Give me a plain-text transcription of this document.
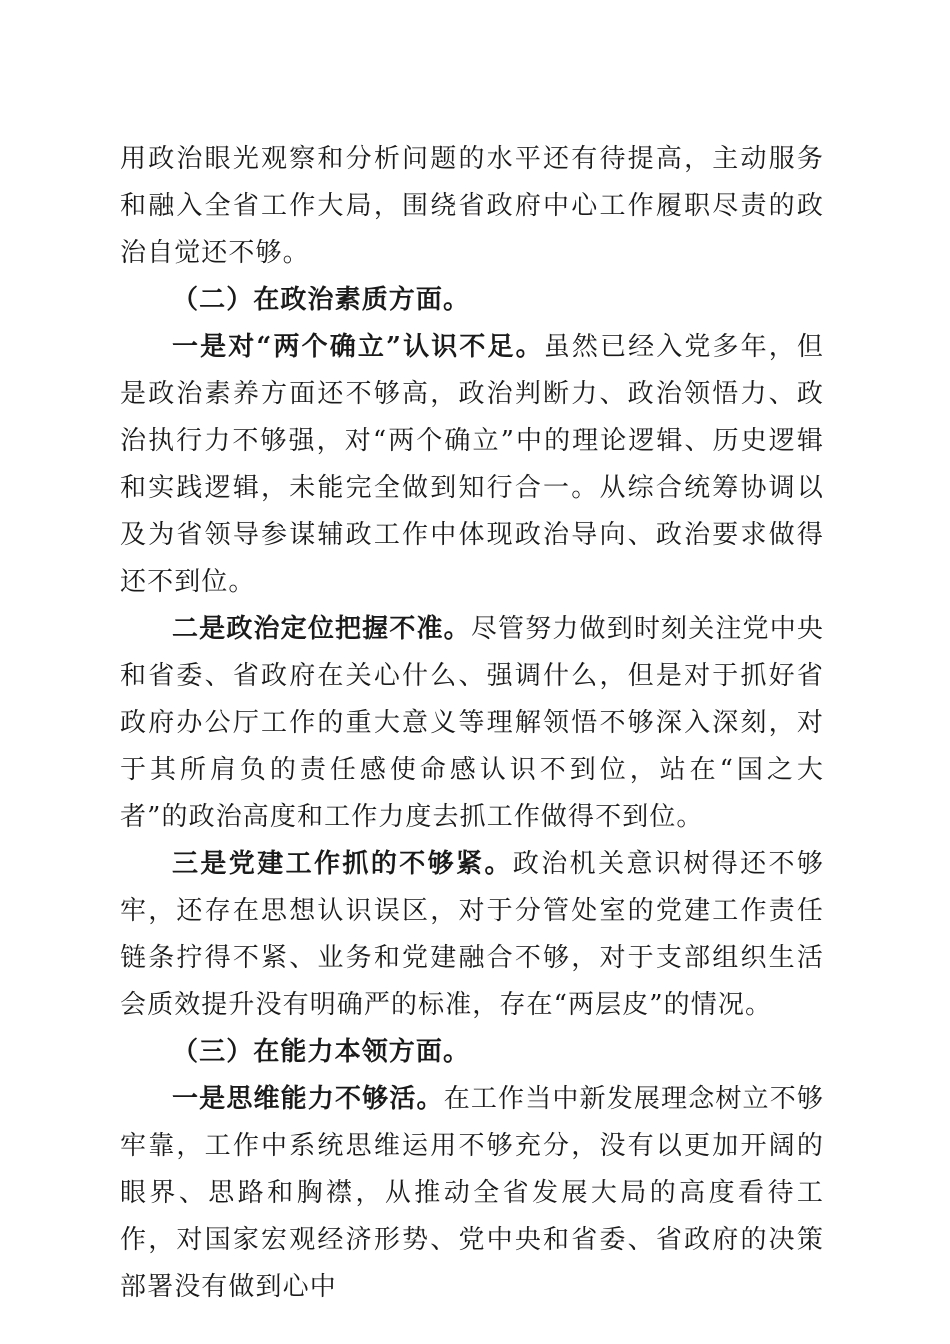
用政治眼光观察和分析问题的水平还有待提高，主动服务和融入全省工作大局，围绕省政府中心工作履职尽责的政治自觉还不够。

（二）在政治素质方面。

一是对“两个确立”认识不足。虽然已经入党多年，但是政治素养方面还不够高，政治判断力、政治领悟力、政治执行力不够强，对“两个确立”中的理论逻辑、历史逻辑和实践逻辑，未能完全做到知行合一。从综合统筹协调以及为省领导参谋辅政工作中体现政治导向、政治要求做得还不到位。

二是政治定位把握不准。尽管努力做到时刻关注党中央和省委、省政府在关心什么、强调什么，但是对于抓好省政府办公厅工作的重大意义等理解领悟不够深入深刻，对于其所肩负的责任感使命感认识不到位，站在“国之大者”的政治高度和工作力度去抓工作做得不到位。

三是党建工作抓的不够紧。政治机关意识树得还不够牢，还存在思想认识误区，对于分管处室的党建工作责任链条拧得不紧、业务和党建融合不够，对于支部组织生活会质效提升没有明确严的标准，存在“两层皮”的情况。

（三）在能力本领方面。

一是思维能力不够活。在工作当中新发展理念树立不够牢靠，工作中系统思维运用不够充分，没有以更加开阔的眼界、思路和胸襟，从推动全省发展大局的高度看待工作，对国家宏观经济形势、党中央和省委、省政府的决策部署没有做到心中
